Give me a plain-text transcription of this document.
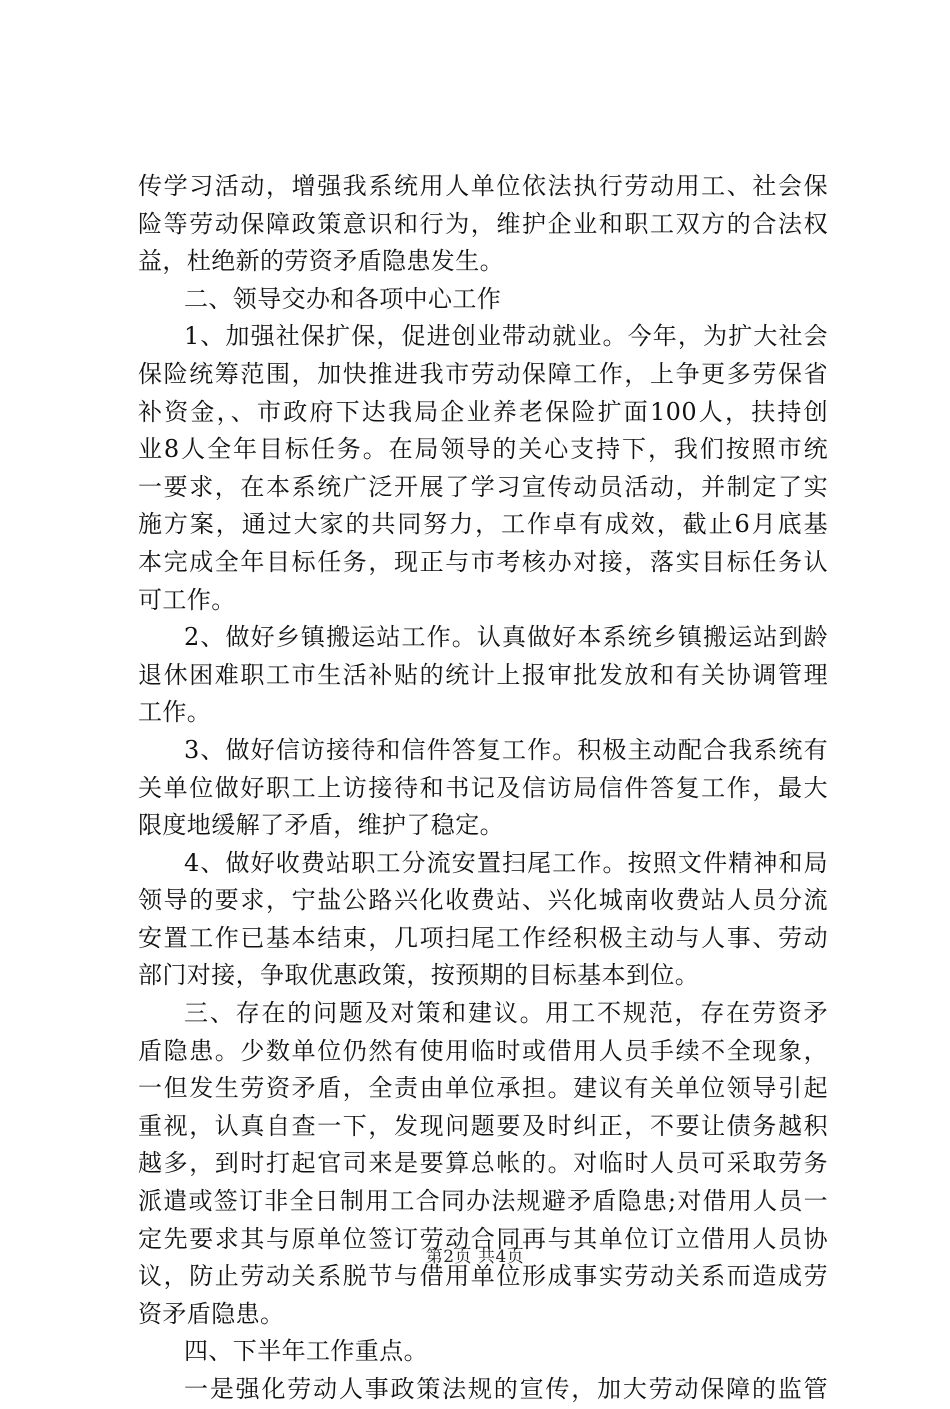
传学习活动，增强我系统用人单位依法执行劳动用工、社会保
险等劳动保障政策意识和行为，维护企业和职工双方的合法权
益，杜绝新的劳资矛盾隐患发生。
二、领导交办和各项中心工作
1、加强社保扩保，促进创业带动就业。今年，为扩大社会
保险统筹范围，加快推进我市劳动保障工作，上争更多劳保省
补资金，、市政府下达我局企业养老保险扩面100人，扶持创
业8人全年目标任务。在局领导的关心支持下，我们按照市统
一要求，在本系统广泛开展了学习宣传动员活动，并制定了实
施方案，通过大家的共同努力，工作卓有成效，截止6月底基
本完成全年目标任务，现正与市考核办对接，落实目标任务认
可工作。
2、做好乡镇搬运站工作。认真做好本系统乡镇搬运站到龄
退休困难职工市生活补贴的统计上报审批发放和有关协调管理
工作。
3、做好信访接待和信件答复工作。积极主动配合我系统有
关单位做好职工上访接待和书记及信访局信件答复工作，最大
限度地缓解了矛盾，维护了稳定。
4、做好收费站职工分流安置扫尾工作。按照文件精神和局
领导的要求，宁盐公路兴化收费站、兴化城南收费站人员分流
安置工作已基本结束，几项扫尾工作经积极主动与人事、劳动
部门对接，争取优惠政策，按预期的目标基本到位。
三、存在的问题及对策和建议。用工不规范，存在劳资矛
盾隐患。少数单位仍然有使用临时或借用人员手续不全现象，
一但发生劳资矛盾，全责由单位承担。建议有关单位领导引起
重视，认真自查一下，发现问题要及时纠正，不要让债务越积
越多，到时打起官司来是要算总帐的。对临时人员可采取劳务
派遣或签订非全日制用工合同办法规避矛盾隐患;对借用人员一
定先要求其与原单位签订劳动合同再与其单位订立借用人员协
议，防止劳动关系脱节与借用单位形成事实劳动关系而造成劳
资矛盾隐患。
四、下半年工作重点。
一是强化劳动人事政策法规的宣传，加大劳动保障的监管
第2页 共4页
